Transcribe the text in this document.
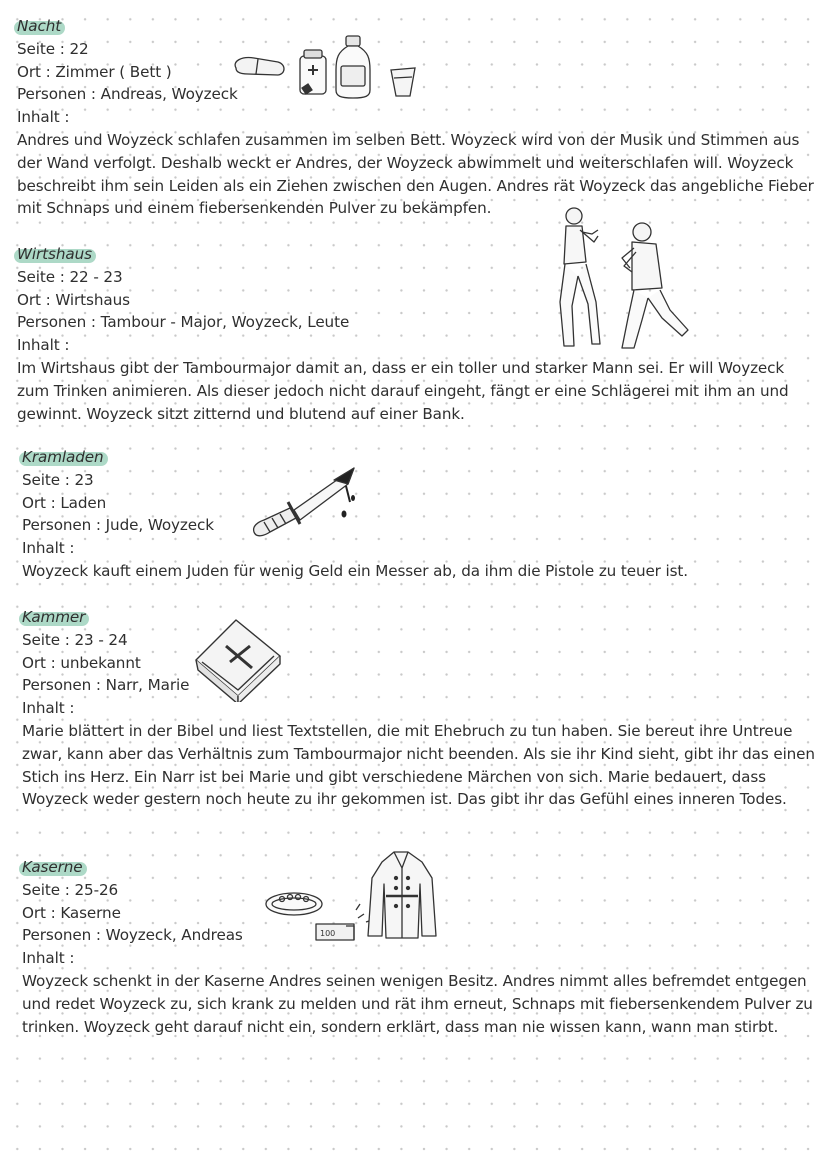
Nacht
Seite : 22
Ort : Zimmer ( Bett )
Personen : Andreas, Woyzeck
Inhalt :
Andres und Woyzeck schlafen zusammen im selben Bett. Woyzeck wird von der Musik und Stimmen aus der Wand verfolgt. Deshalb weckt er Andres, der Woyzeck abwimmelt und weiterschlafen will. Woyzeck beschreibt ihm sein Leiden als ein Ziehen zwischen den Augen. Andres rät Woyzeck das angebliche Fieber mit Schnaps und einem fiebersenkenden Pulver zu bekämpfen.
Wirtshaus
Seite : 22 - 23
Ort : Wirtshaus
Personen : Tambour - Major, Woyzeck, Leute
Inhalt :
Im Wirtshaus gibt der Tambourmajor damit an, dass er ein toller und starker Mann sei. Er will Woyzeck zum Trinken animieren. Als dieser jedoch nicht darauf eingeht, fängt er eine Schlägerei mit ihm an und gewinnt. Woyzeck sitzt zitternd und blutend auf einer Bank.
Kramladen
Seite : 23
Ort : Laden
Personen : Jude, Woyzeck
Inhalt :
Woyzeck kauft einem Juden für wenig Geld ein Messer ab, da ihm die Pistole zu teuer ist.
Kammer
Seite : 23 - 24
Ort : unbekannt
Personen : Narr, Marie
Inhalt :
Marie blättert in der Bibel und liest Textstellen, die mit Ehebruch zu tun haben. Sie bereut ihre Untreue zwar, kann aber das Verhältnis zum Tambourmajor nicht beenden. Als sie ihr Kind sieht, gibt ihr das einen Stich ins Herz. Ein Narr ist bei Marie und gibt verschiedene Märchen von sich. Marie bedauert, dass Woyzeck weder gestern noch heute zu ihr gekommen ist. Das gibt ihr das Gefühl eines inneren Todes.
Kaserne
Seite : 25-26
Ort : Kaserne
Personen : Woyzeck, Andreas
Inhalt :
Woyzeck schenkt in der Kaserne Andres seinen wenigen Besitz. Andres nimmt alles befremdet entgegen und redet Woyzeck zu, sich krank zu melden und rät ihm erneut, Schnaps mit fiebersenkendem Pulver zu trinken. Woyzeck geht darauf nicht ein, sondern erklärt, dass man nie wissen kann, wann man stirbt.
100
